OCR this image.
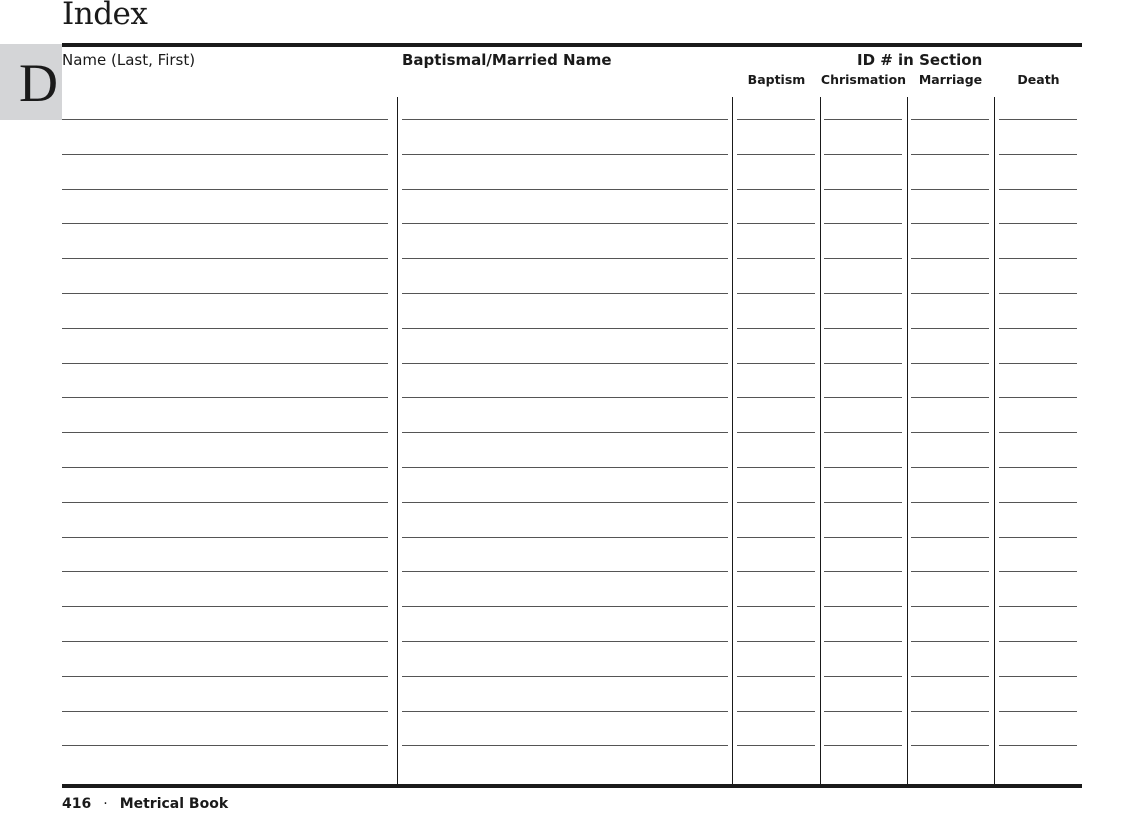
Index
D Name (Last, First)	Baptismal/Married Name	ID # in Section
Baptism	Chrismation	Marriage	Death
416 · Metrical Book
